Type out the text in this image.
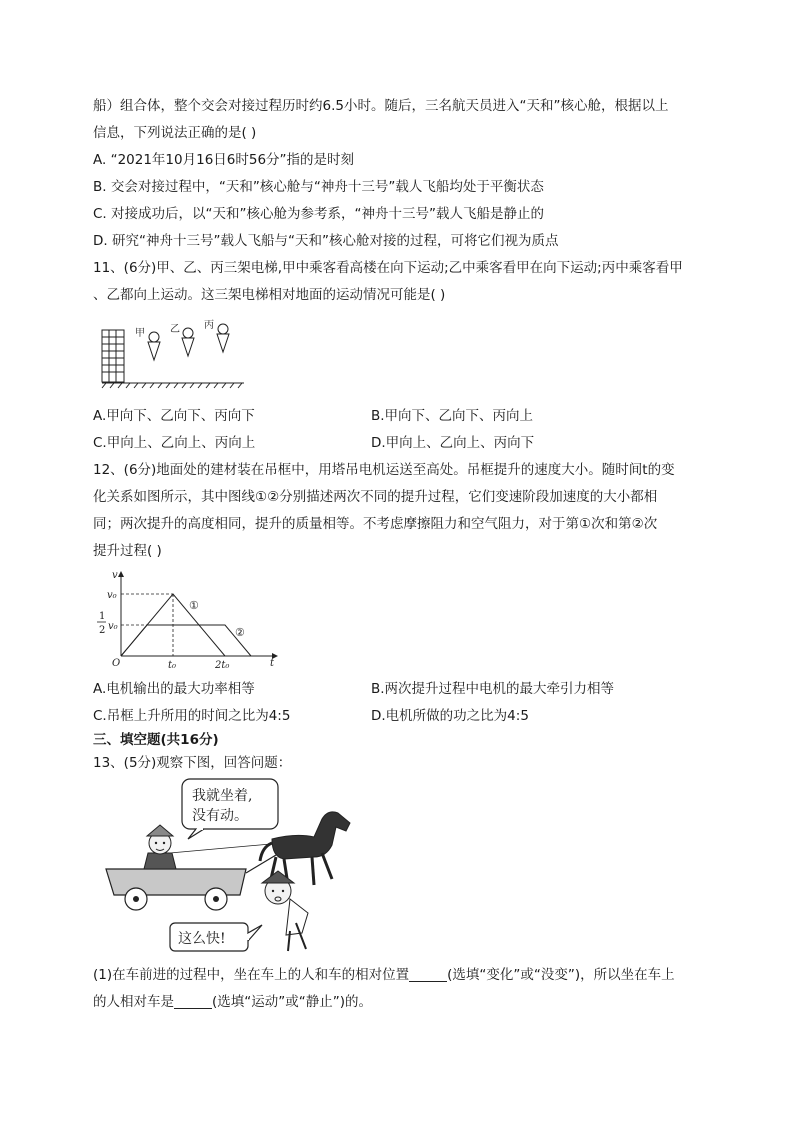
船）组合体，整个交会对接过程历时约6.5小时。随后，三名航天员进入“天和”核心舱，根据以上
信息，下列说法正确的是( )
A. “2021年10月16日6时56分”指的是时刻
B. 交会对接过程中，“天和”核心舱与“神舟十三号”载人飞船均处于平衡状态
C. 对接成功后，以“天和”核心舱为参考系，“神舟十三号”载人飞船是静止的
D. 研究“神舟十三号”载人飞船与“天和”核心舱对接的过程，可将它们视为质点
11、(6分)甲、乙、丙三架电梯,甲中乘客看高楼在向下运动;乙中乘客看甲在向下运动;丙中乘客看甲
、乙都向上运动。这三架电梯相对地面的运动情况可能是( )
甲	乙 丙
A.甲向下、乙向下、丙向下	B.甲向下、乙向下、丙向上
C.甲向上、乙向上、丙向上	D.甲向上、乙向上、丙向下
12、(6分)地面处的建材装在吊框中，用塔吊电机运送至高处。吊框提升的速度大小。随时间t的变
化关系如图所示，其中图线①②分别描述两次不同的提升过程，它们变速阶段加速度的大小都相
同；两次提升的高度相同，提升的质量相等。不考虑摩擦阻力和空气阻力，对于第①次和第②次
提升过程( )
v
t
O
v₀
1
2 v₀
t₀	2t₀
①
②
A.电机输出的最大功率相等	B.两次提升过程中电机的最大牵引力相等
C.吊框上升所用的时间之比为4:5	D.电机所做的功之比为4:5
三、填空题(共16分)
13、(5分)观察下图，回答问题：
我就坐着,
没有动。
这么快!
(1)在车前进的过程中，坐在车上的人和车的相对位置	(选填“变化”或“没变”)，所以坐在车上
的人相对车是	(选填“运动”或“静止”)的。
